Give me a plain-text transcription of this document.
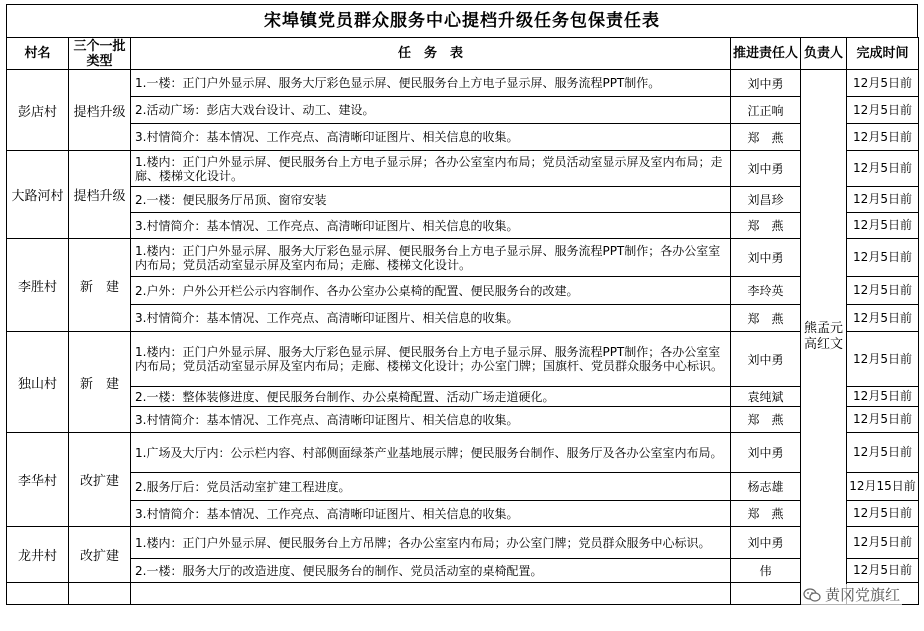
宋埠镇党员群众服务中心提档升级任务包保责任表
村名	三个一批类型	任　务　表	推进责任人	负责人	完成时间
彭店村	提档升级	1.一楼：正门户外显示屏、服务大厅彩色显示屏、便民服务台上方电子显示屏、服务流程PPT制作。	刘中勇	熊孟元高红文	12月5日前
		2.活动广场：彭店大戏台设计、动工、建设。	江正响		12月5日前
		3.村情简介：基本情况、工作亮点、高清晰印证图片、相关信息的收集。	郑　燕		12月5日前
大路河村	提档升级	1.楼内：正门户外显示屏、便民服务台上方电子显示屏；各办公室室内布局；党员活动室显示屏及室内布局；走廊、楼梯文化设计。	刘中勇		12月5日前
		2.一楼：便民服务厅吊顶、窗帘安装	刘昌珍		12月5日前
		3.村情简介：基本情况、工作亮点、高清晰印证图片、相关信息的收集。	郑　燕		12月5日前
李胜村	新　建	1.楼内：正门户外显示屏、服务大厅彩色显示屏、便民服务台上方电子显示屏、服务流程PPT制作；各办公室室内布局；党员活动室显示屏及室内布局；走廊、楼梯文化设计。	刘中勇		12月5日前
		2.户外：户外公开栏公示内容制作、各办公室办公桌椅的配置、便民服务台的改建。	李玲英		12月5日前
		3.村情简介：基本情况、工作亮点、高清晰印证图片、相关信息的收集。	郑　燕		12月5日前
独山村	新　建	1.楼内：正门户外显示屏、服务大厅彩色显示屏、便民服务台上方电子显示屏、服务流程PPT制作；各办公室室内布局；党员活动室显示屏及室内布局；走廊、楼梯文化设计；办公室门牌；国旗杆、党员群众服务中心标识。	刘中勇		12月5日前
		2.一楼：整体装修进度、便民服务台制作、办公桌椅配置、活动广场走道硬化。	袁纯斌		12月5日前
		3.村情简介：基本情况、工作亮点、高清晰印证图片、相关信息的收集。	郑　燕		12月5日前
李华村	改扩建	1.广场及大厅内：公示栏内容、村部侧面绿茶产业基地展示牌；便民服务台制作、服务厅及各办公室室内布局。	刘中勇		12月5日前
		2.服务厅后：党员活动室扩建工程进度。	杨志雄		12月15日前
		3.村情简介：基本情况、工作亮点、高清晰印证图片、相关信息的收集。	郑　燕		12月5日前
龙井村	改扩建	1.楼内：正门户外显示屏、便民服务台上方吊牌；各办公室室内布局；办公室门牌；党员群众服务中心标识。	刘中勇		12月5日前
		2.一楼：服务大厅的改造进度、便民服务台的制作、党员活动室的桌椅配置。	伟		12月5日前

黄冈党旗红
